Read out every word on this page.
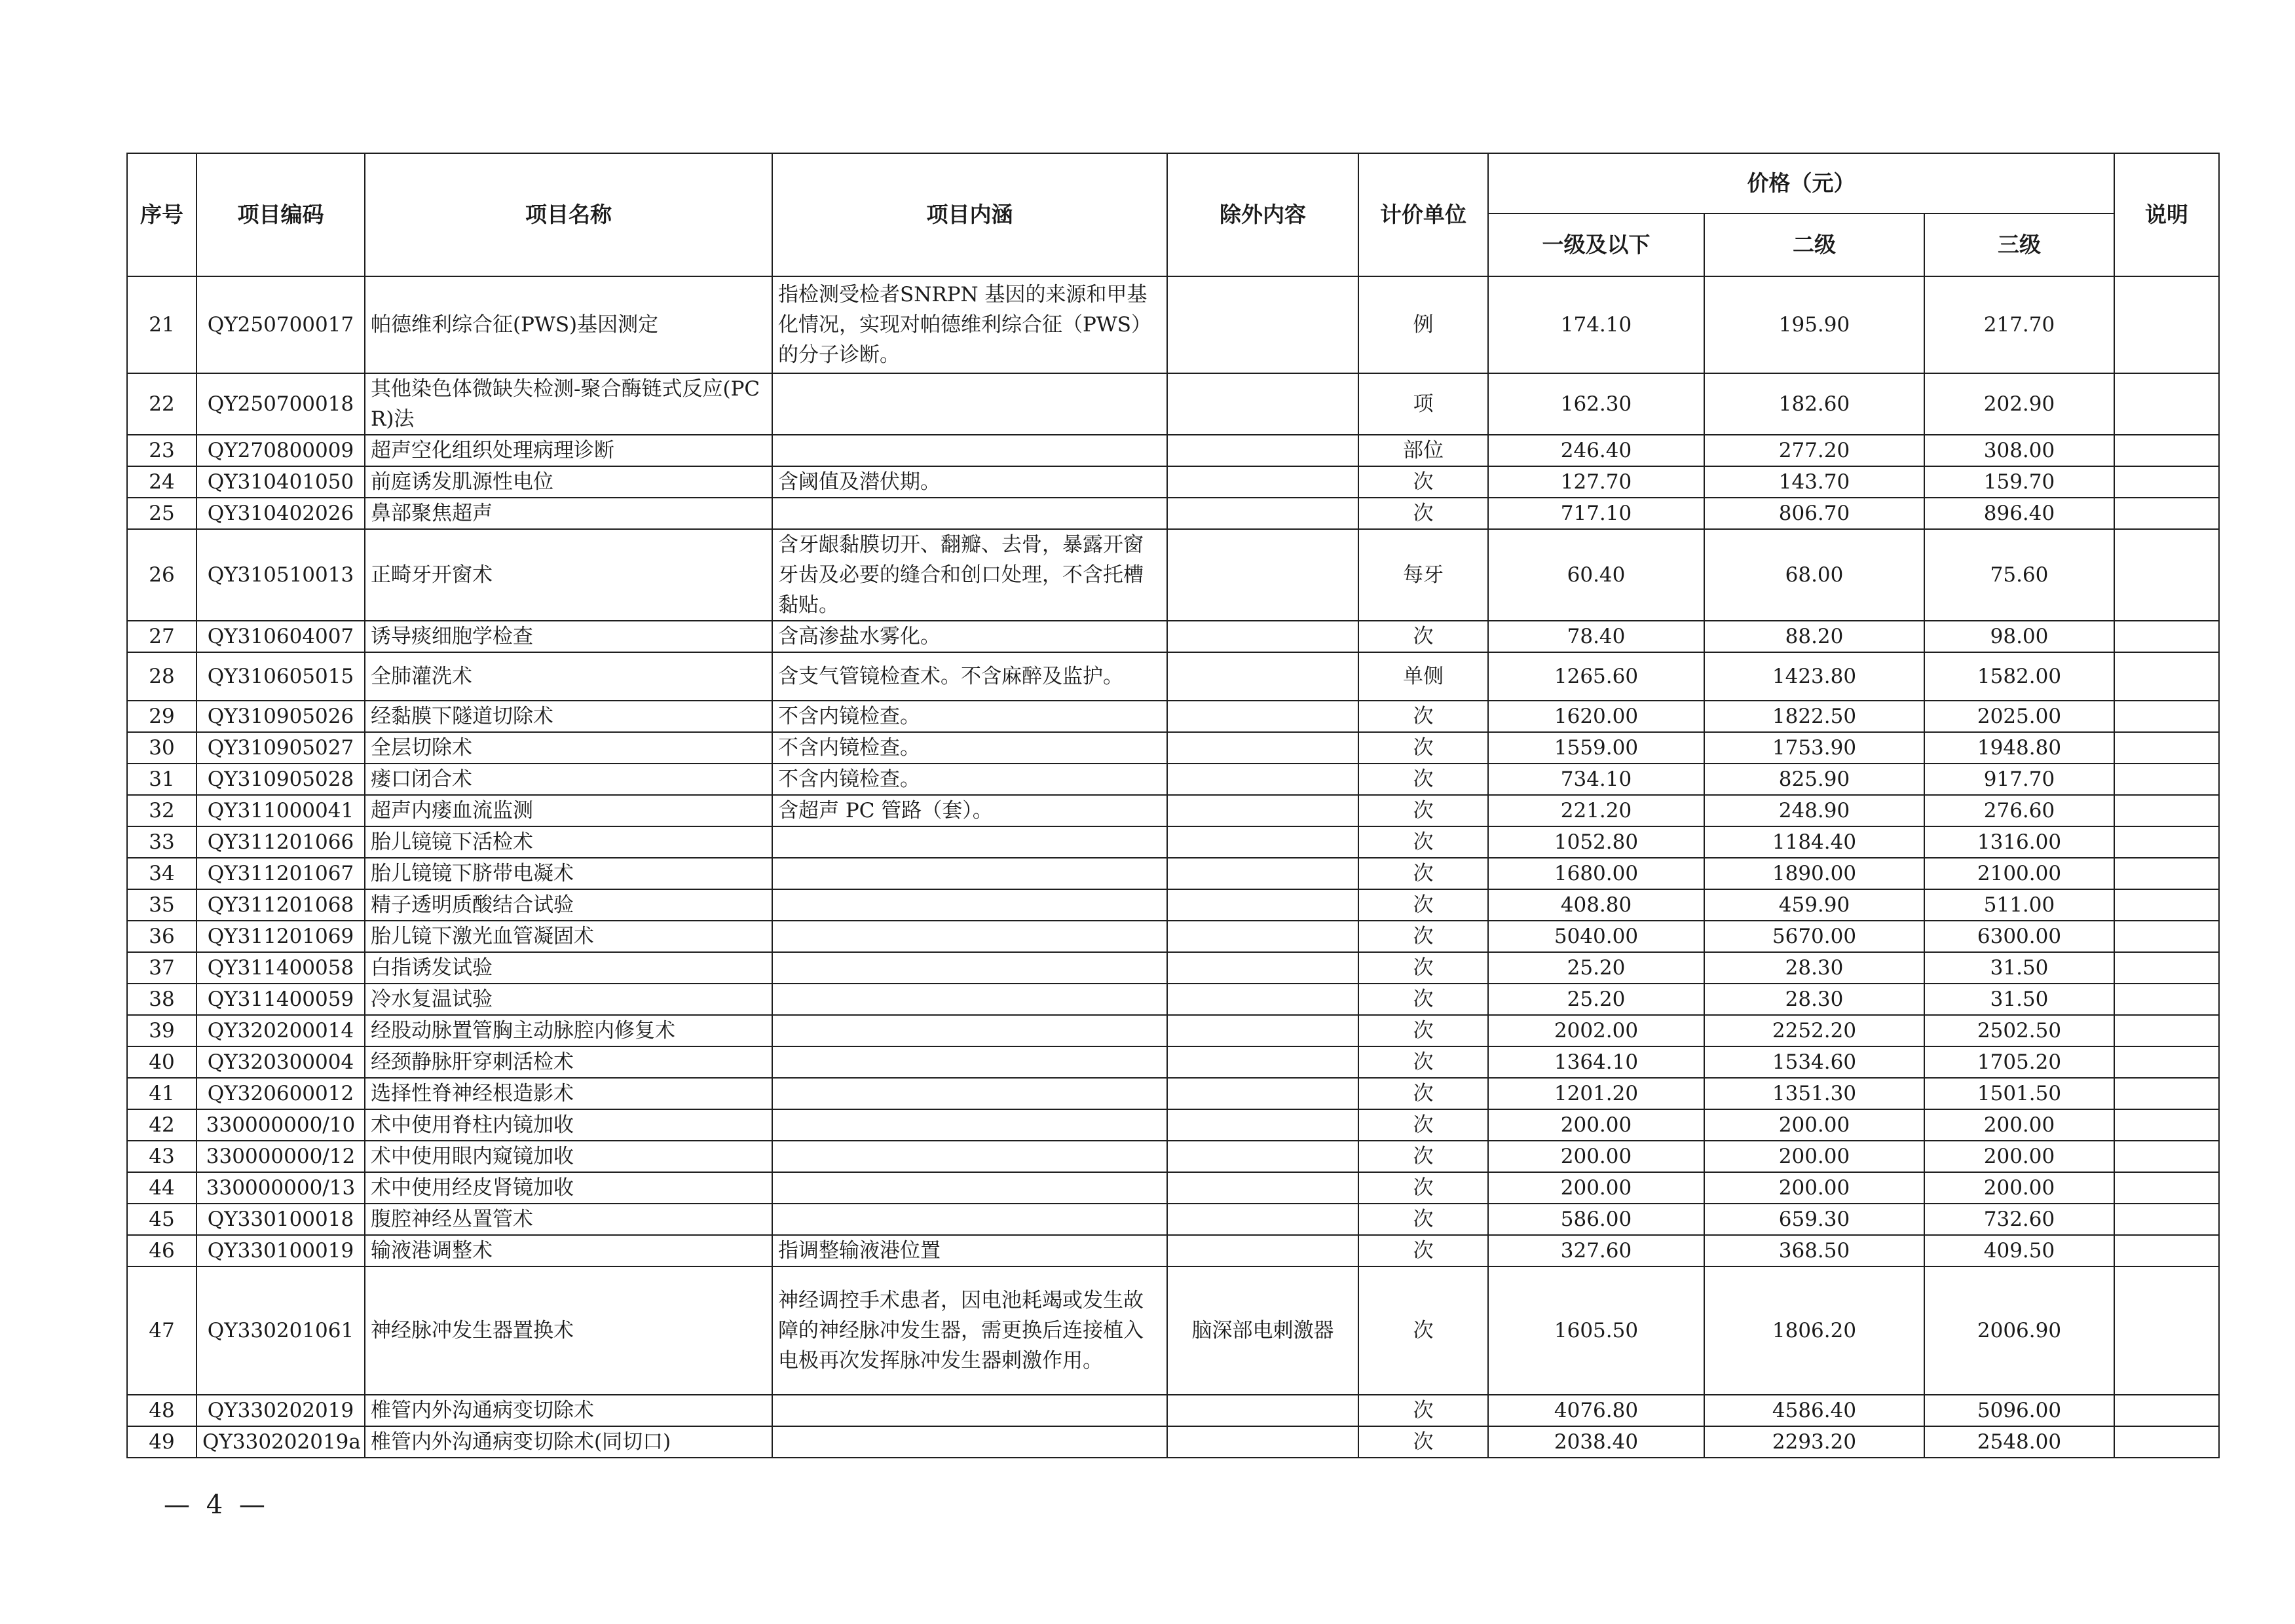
序号	项目编码	项目名称	项目内涵	除外内容	计价单位	价格（元）			说明
						一级及以下	二级	三级	
21	QY250700017	帕德维利综合征(PWS)基因测定	指检测受检者SNRPN 基因的来源和甲基化情况，实现对帕德维利综合征（PWS）的分子诊断。		例	174.10	195.90	217.70	
22	QY250700018	其他染色体微缺失检测-聚合酶链式反应(PCR)法			项	162.30	182.60	202.90	
23	QY270800009	超声空化组织处理病理诊断			部位	246.40	277.20	308.00	
24	QY310401050	前庭诱发肌源性电位	含阈值及潜伏期。		次	127.70	143.70	159.70	
25	QY310402026	鼻部聚焦超声			次	717.10	806.70	896.40	
26	QY310510013	正畸牙开窗术	含牙龈黏膜切开、翻瓣、去骨，暴露开窗牙齿及必要的缝合和创口处理，不含托槽黏贴。		每牙	60.40	68.00	75.60	
27	QY310604007	诱导痰细胞学检查	含高渗盐水雾化。		次	78.40	88.20	98.00	
28	QY310605015	全肺灌洗术	含支气管镜检查术。不含麻醉及监护。		单侧	1265.60	1423.80	1582.00	
29	QY310905026	经黏膜下隧道切除术	不含内镜检查。		次	1620.00	1822.50	2025.00	
30	QY310905027	全层切除术	不含内镜检查。		次	1559.00	1753.90	1948.80	
31	QY310905028	瘘口闭合术	不含内镜检查。		次	734.10	825.90	917.70	
32	QY311000041	超声内瘘血流监测	含超声 PC 管路（套）。		次	221.20	248.90	276.60	
33	QY311201066	胎儿镜镜下活检术			次	1052.80	1184.40	1316.00	
34	QY311201067	胎儿镜镜下脐带电凝术			次	1680.00	1890.00	2100.00	
35	QY311201068	精子透明质酸结合试验			次	408.80	459.90	511.00	
36	QY311201069	胎儿镜下激光血管凝固术			次	5040.00	5670.00	6300.00	
37	QY311400058	白指诱发试验			次	25.20	28.30	31.50	
38	QY311400059	冷水复温试验			次	25.20	28.30	31.50	
39	QY320200014	经股动脉置管胸主动脉腔内修复术			次	2002.00	2252.20	2502.50	
40	QY320300004	经颈静脉肝穿刺活检术			次	1364.10	1534.60	1705.20	
41	QY320600012	选择性脊神经根造影术			次	1201.20	1351.30	1501.50	
42	330000000/10	术中使用脊柱内镜加收			次	200.00	200.00	200.00	
43	330000000/12	术中使用眼内窥镜加收			次	200.00	200.00	200.00	
44	330000000/13	术中使用经皮肾镜加收			次	200.00	200.00	200.00	
45	QY330100018	腹腔神经丛置管术			次	586.00	659.30	732.60	
46	QY330100019	输液港调整术	指调整输液港位置		次	327.60	368.50	409.50	
47	QY330201061	神经脉冲发生器置换术	神经调控手术患者，因电池耗竭或发生故障的神经脉冲发生器，需更换后连接植入电极再次发挥脉冲发生器刺激作用。	脑深部电刺激器	次	1605.50	1806.20	2006.90	
48	QY330202019	椎管内外沟通病变切除术			次	4076.80	4586.40	5096.00	
49	QY330202019a	椎管内外沟通病变切除术(同切口)			次	2038.40	2293.20	2548.00	
— 4 —
